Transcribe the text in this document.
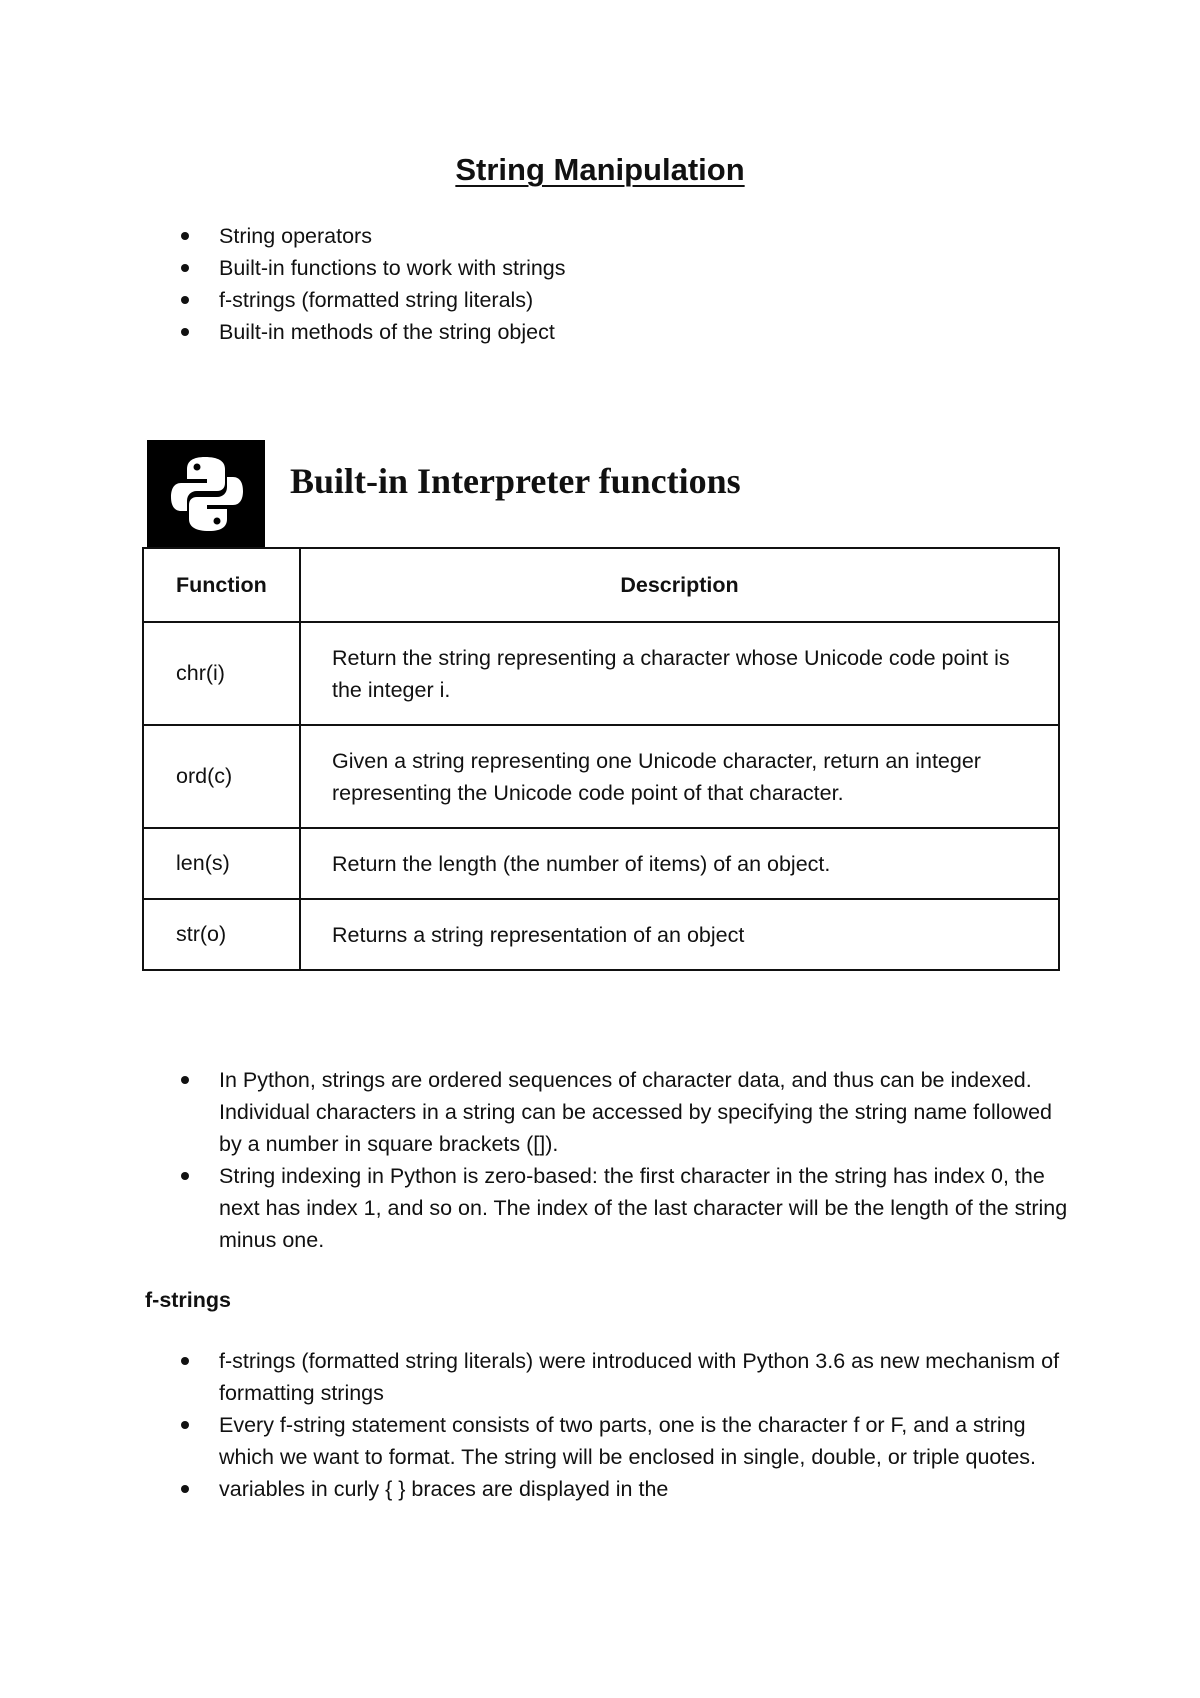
String Manipulation
String operators
Built-in functions to work with strings
f-strings (formatted string literals)
Built-in methods of the string object
Built-in Interpreter functions
Function	Description
chr(i)	Return the string representing a character whose Unicode code point is the integer i.
ord(c)	Given a string representing one Unicode character, return an integer representing the Unicode code point of that character.
len(s)	Return the length (the number of items) of an object.
str(o)	Returns a string representation of an object
In Python, strings are ordered sequences of character data, and thus can be indexed. Individual characters in a string can be accessed by specifying the string name followed by a number in square brackets ([]).
String indexing in Python is zero-based: the first character in the string has index 0, the next has index 1, and so on. The index of the last character will be the length of the string minus one.
f-strings
f-strings (formatted string literals) were introduced with Python 3.6 as new mechanism of formatting strings
Every f-string statement consists of two parts, one is the character f or F, and a string which we want to format. The string will be enclosed in single, double, or triple quotes.
variables in curly { } braces are displayed in the
